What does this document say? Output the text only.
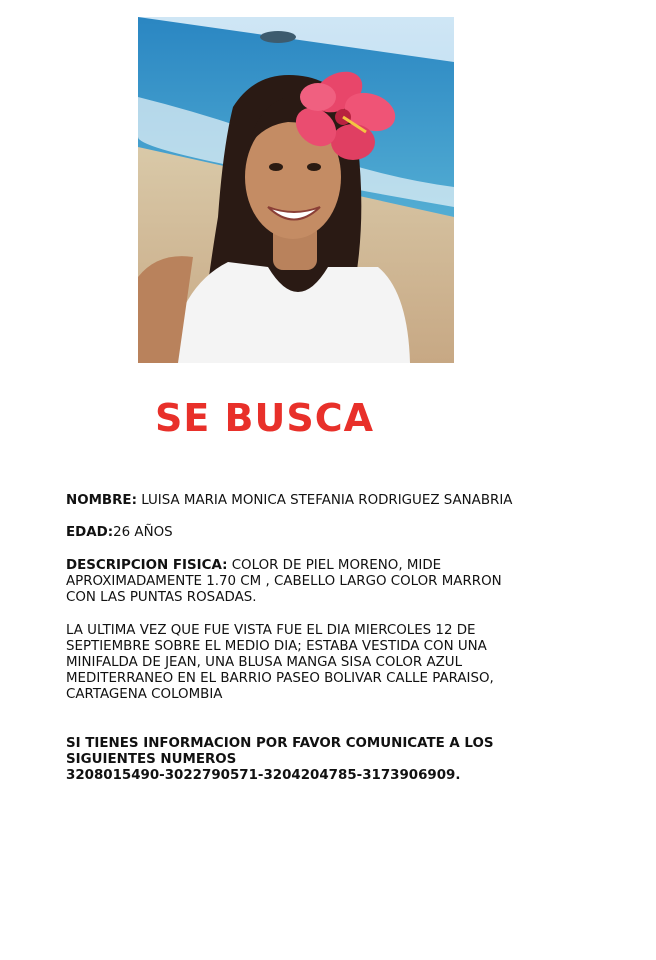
SE BUSCA

NOMBRE: LUISA MARIA MONICA STEFANIA RODRIGUEZ SANABRIA

EDAD:26 AÑOS

DESCRIPCION FISICA: COLOR DE PIEL MORENO, MIDE
APROXIMADAMENTE 1.70 CM , CABELLO LARGO COLOR MARRON
CON LAS PUNTAS ROSADAS.

LA ULTIMA VEZ QUE FUE VISTA FUE EL DIA MIERCOLES 12 DE
SEPTIEMBRE SOBRE EL MEDIO DIA; ESTABA VESTIDA CON UNA
MINIFALDA DE JEAN, UNA BLUSA MANGA SISA COLOR AZUL
MEDITERRANEO EN EL BARRIO PASEO BOLIVAR CALLE PARAISO,
CARTAGENA COLOMBIA

SI TIENES INFORMACION POR FAVOR COMUNICATE A LOS
SIGUIENTES NUMEROS
3208015490-3022790571-3204204785-3173906909.
